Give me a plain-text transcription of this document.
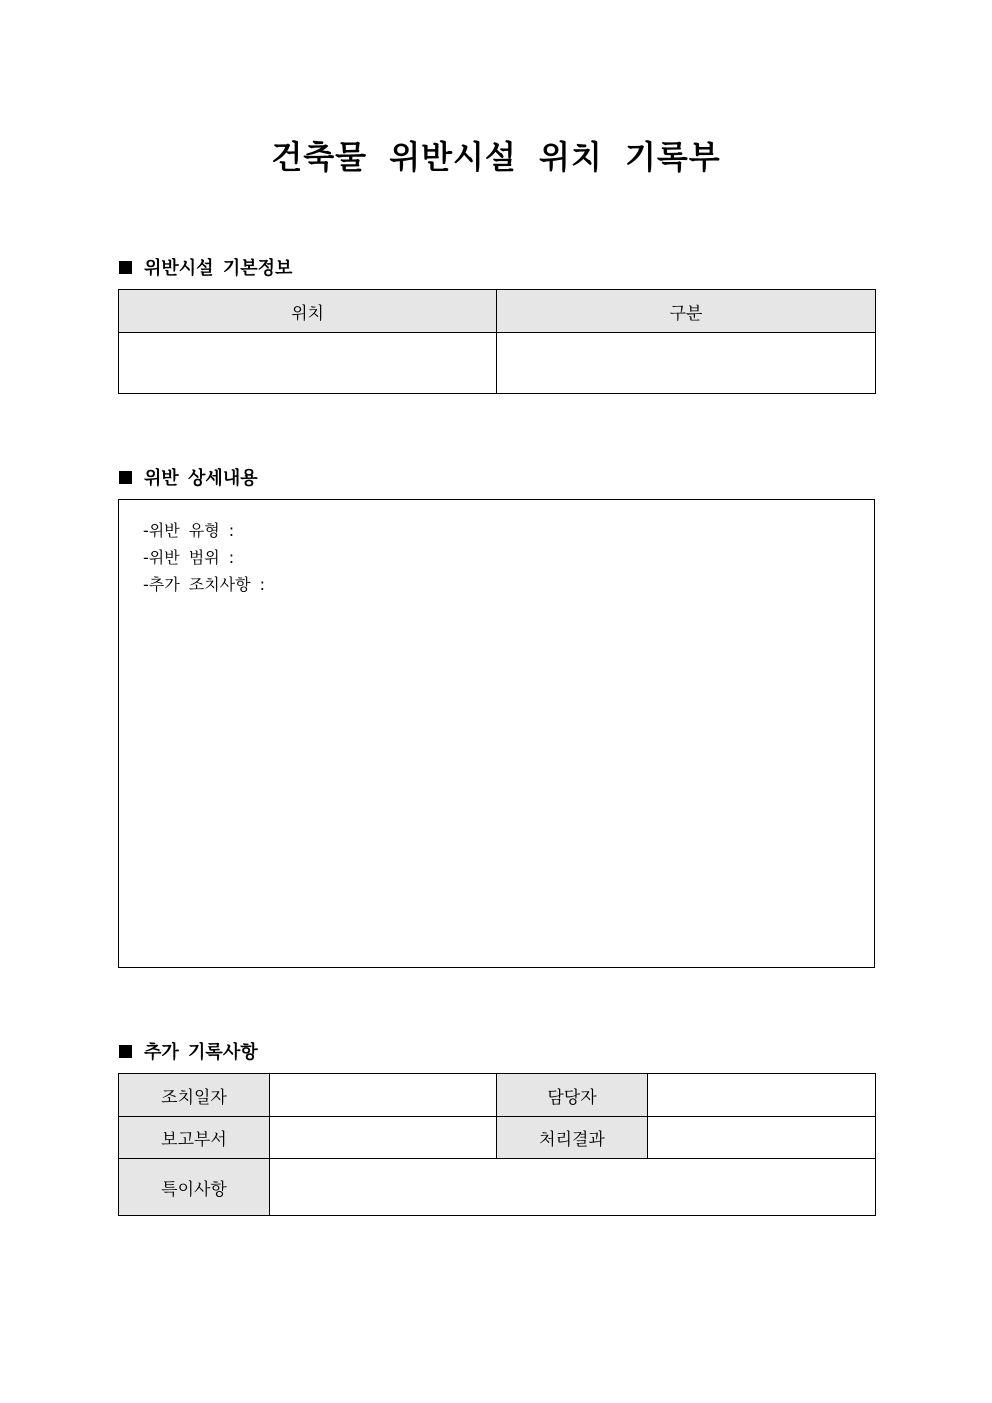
건축물 위반시설 위치 기록부
위반시설 기본정보
위치	구분

위반 상세내용
-위반 유형 :
-위반 범위 :
-추가 조치사항 :
추가 기록사항
조치일자		담당자	
보고부서		처리결과	
특이사항			
